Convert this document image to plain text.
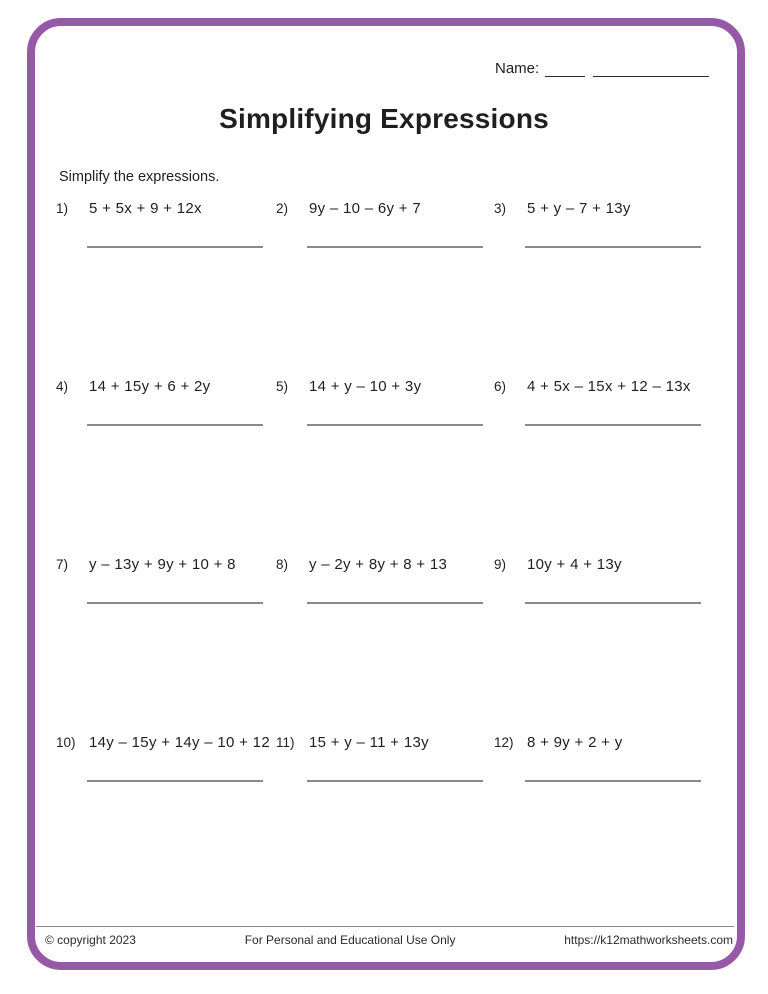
Name:
Simplifying Expressions
Simplify the expressions.
1)	5 + 5x + 9 + 12x	2)	9y – 10 – 6y + 7	3)	5 + y – 7 + 13y
4)	14 + 15y + 6 + 2y	5)	14 + y – 10 + 3y	6)	4 + 5x – 15x + 12 – 13x
7)	y – 13y + 9y + 10 + 8	8)	y – 2y + 8y + 8 + 13	9)	10y + 4 + 13y
10) 14y – 15y + 14y – 10 + 12 11) 15 + y – 11 + 13y	12) 8 + 9y + 2 + y
© copyright 2023	For Personal and Educational Use Only	https://k12mathworksheets.com
